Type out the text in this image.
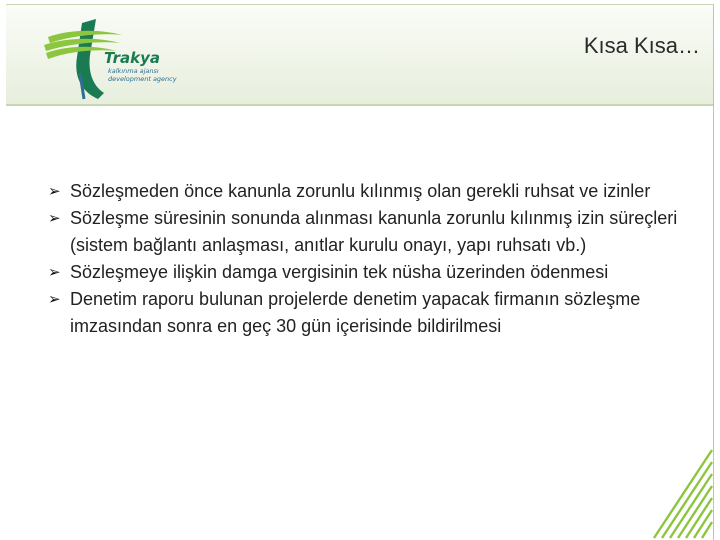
Trakya
kalkınma ajansı
development agency
Kısa Kısa…
➢ Sözleşmeden önce kanunla zorunlu kılınmış olan gerekli ruhsat ve izinler
➢ Sözleşme süresinin sonunda alınması kanunla zorunlu kılınmış izin süreçleri (sistem bağlantı anlaşması, anıtlar kurulu onayı, yapı ruhsatı vb.)
➢ Sözleşmeye ilişkin damga vergisinin tek nüsha üzerinden ödenmesi
➢ Denetim raporu bulunan projelerde denetim yapacak firmanın sözleşme imzasından sonra en geç 30 gün içerisinde bildirilmesi
